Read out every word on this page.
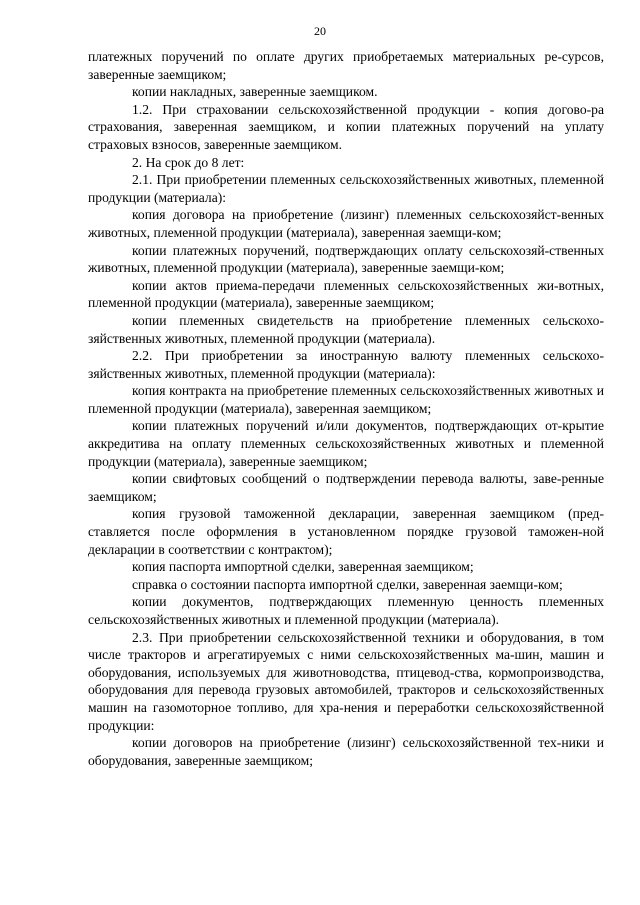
20

платежных поручений по оплате других приобретаемых материальных ре-сурсов, заверенные заемщиком;

копии накладных, заверенные заемщиком.

1.2. При страховании сельскохозяйственной продукции - копия догово-ра страхования, заверенная заемщиком, и копии платежных поручений на уплату страховых взносов, заверенные заемщиком.

2. На срок до 8 лет:

2.1. При приобретении племенных сельскохозяйственных животных, племенной продукции (материала):

копия договора на приобретение (лизинг) племенных сельскохозяйст-венных животных, племенной продукции (материала), заверенная заемщи-ком;

копии платежных поручений, подтверждающих оплату сельскохозяй-ственных животных, племенной продукции (материала), заверенные заемщи-ком;

копии актов приема-передачи племенных сельскохозяйственных жи-вотных, племенной продукции (материала), заверенные заемщиком;

копии племенных свидетельств на приобретение племенных сельскохо-зяйственных животных, племенной продукции (материала).

2.2. При приобретении за иностранную валюту племенных сельскохо-зяйственных животных, племенной продукции (материала):

копия контракта на приобретение племенных сельскохозяйственных животных и племенной продукции (материала), заверенная заемщиком;

копии платежных поручений и/или документов, подтверждающих от-крытие аккредитива на оплату племенных сельскохозяйственных животных и племенной продукции (материала), заверенные заемщиком;

копии свифтовых сообщений о подтверждении перевода валюты, заве-ренные заемщиком;

копия грузовой таможенной декларации, заверенная заемщиком (пред-ставляется после оформления в установленном порядке грузовой таможен-ной декларации в соответствии с контрактом);

копия паспорта импортной сделки, заверенная заемщиком;

справка о состоянии паспорта импортной сделки, заверенная заемщи-ком;

копии документов, подтверждающих племенную ценность племенных сельскохозяйственных животных и племенной продукции (материала).

2.3. При приобретении сельскохозяйственной техники и оборудования, в том числе тракторов и агрегатируемых с ними сельскохозяйственных ма-шин, машин и оборудования, используемых для животноводства, птицевод-ства, кормопроизводства, оборудования для перевода грузовых автомобилей, тракторов и сельскохозяйственных машин на газомоторное топливо, для хра-нения и переработки сельскохозяйственной продукции:

копии договоров на приобретение (лизинг) сельскохозяйственной тех-ники и оборудования, заверенные заемщиком;
